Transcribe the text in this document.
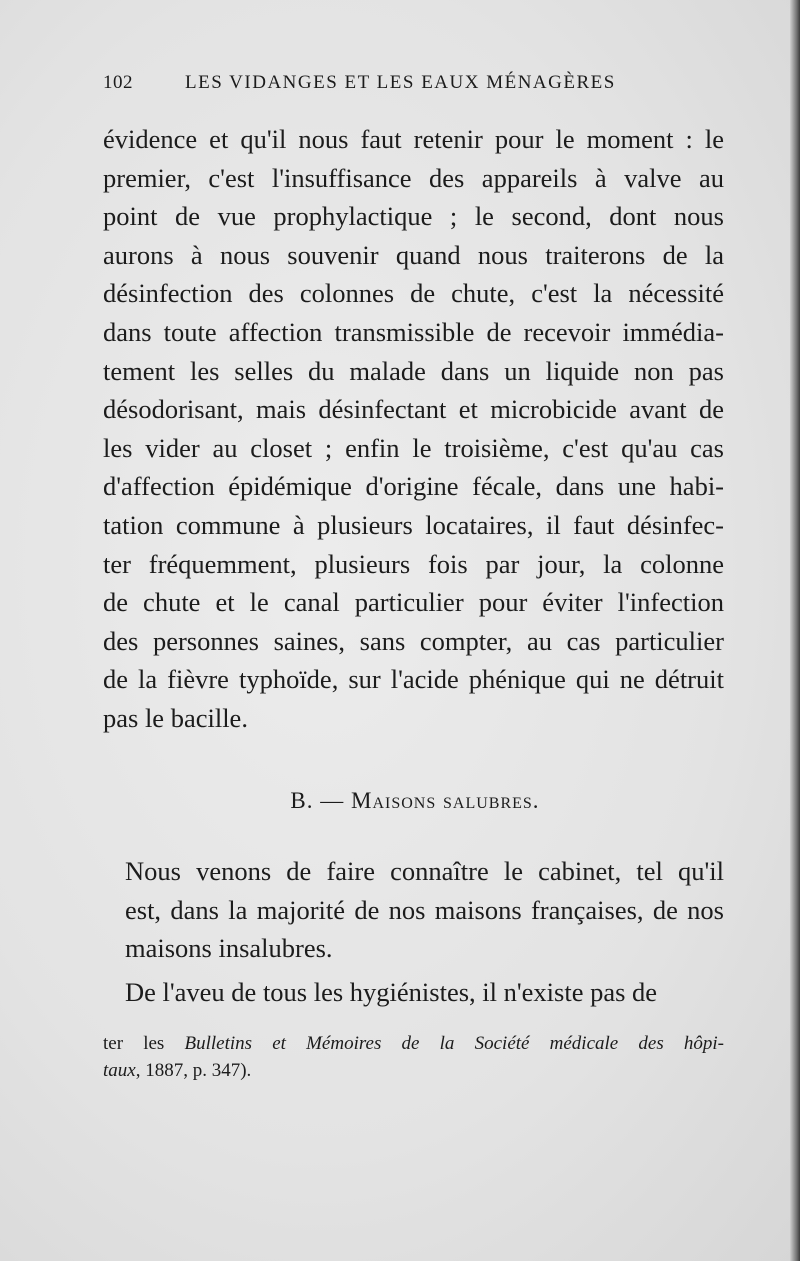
102	LES VIDANGES ET LES EAUX MÉNAGÈRES
évidence et qu'il nous faut retenir pour le moment : le
premier, c'est l'insuffisance des appareils à valve au
point de vue prophylactique ; le second, dont nous
aurons à nous souvenir quand nous traiterons de la
désinfection des colonnes de chute, c'est la nécessité
dans toute affection transmissible de recevoir immédia-
tement les selles du malade dans un liquide non pas
désodorisant, mais désinfectant et microbicide avant de
les vider au closet ; enfin le troisième, c'est qu'au cas
d'affection épidémique d'origine fécale, dans une habi-
tation commune à plusieurs locataires, il faut désinfec-
ter fréquemment, plusieurs fois par jour, la colonne
de chute et le canal particulier pour éviter l'infection
des personnes saines, sans compter, au cas particulier
de la fièvre typhoïde, sur l'acide phénique qui ne détruit
pas le bacille.
B. — Maisons salubres.
Nous venons de faire connaître le cabinet, tel qu'il
est, dans la majorité de nos maisons françaises, de nos
maisons insalubres.
De l'aveu de tous les hygiénistes, il n'existe pas de
ter les Bulletins et Mémoires de la Société médicale des hôpi-
taux, 1887, p. 347).
